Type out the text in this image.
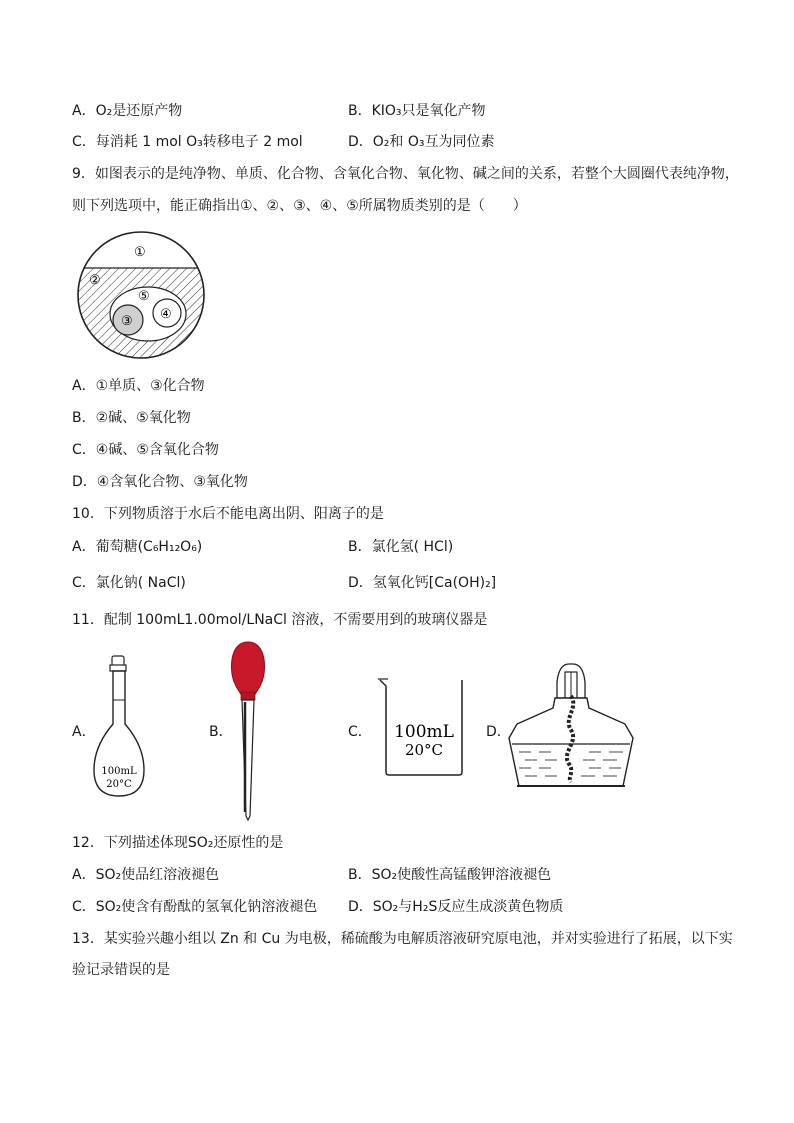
A．O₂是还原产物	B．KIO₃只是氧化产物
C．每消耗 1 mol O₃转移电子 2 mol	D．O₂和 O₃互为同位素
9．如图表示的是纯净物、单质、化合物、含氧化合物、氧化物、碱之间的关系，若整个大圆圈代表纯净物，
则下列选项中，能正确指出①、②、③、④、⑤所属物质类别的是（　　）
①
②
⑤
③ ④
A．①单质、③化合物
B．②碱、⑤氧化物
C．④碱、⑤含氧化合物
D．④含氧化合物、③氧化物
10．下列物质溶于水后不能电离出阴、阳离子的是
A．葡萄糖(C₆H₁₂O₆)	B．氯化氢( HCl)
C．氯化钠( NaCl)	D．氢氧化钙[Ca(OH)₂]
11．配制 100mL1.00mol/LNaCl 溶液，不需要用到的玻璃仪器是
A．
100mL
20°C
B．	C． 100mL
20°C
D．
12．下列描述体现SO₂还原性的是
A．SO₂使品红溶液褪色	B．SO₂使酸性高锰酸钾溶液褪色
C．SO₂使含有酚酞的氢氧化钠溶液褪色 D．SO₂与H₂S反应生成淡黄色物质
13．某实验兴趣小组以 Zn 和 Cu 为电极，稀硫酸为电解质溶液研究原电池，并对实验进行了拓展，以下实
验记录错误的是
